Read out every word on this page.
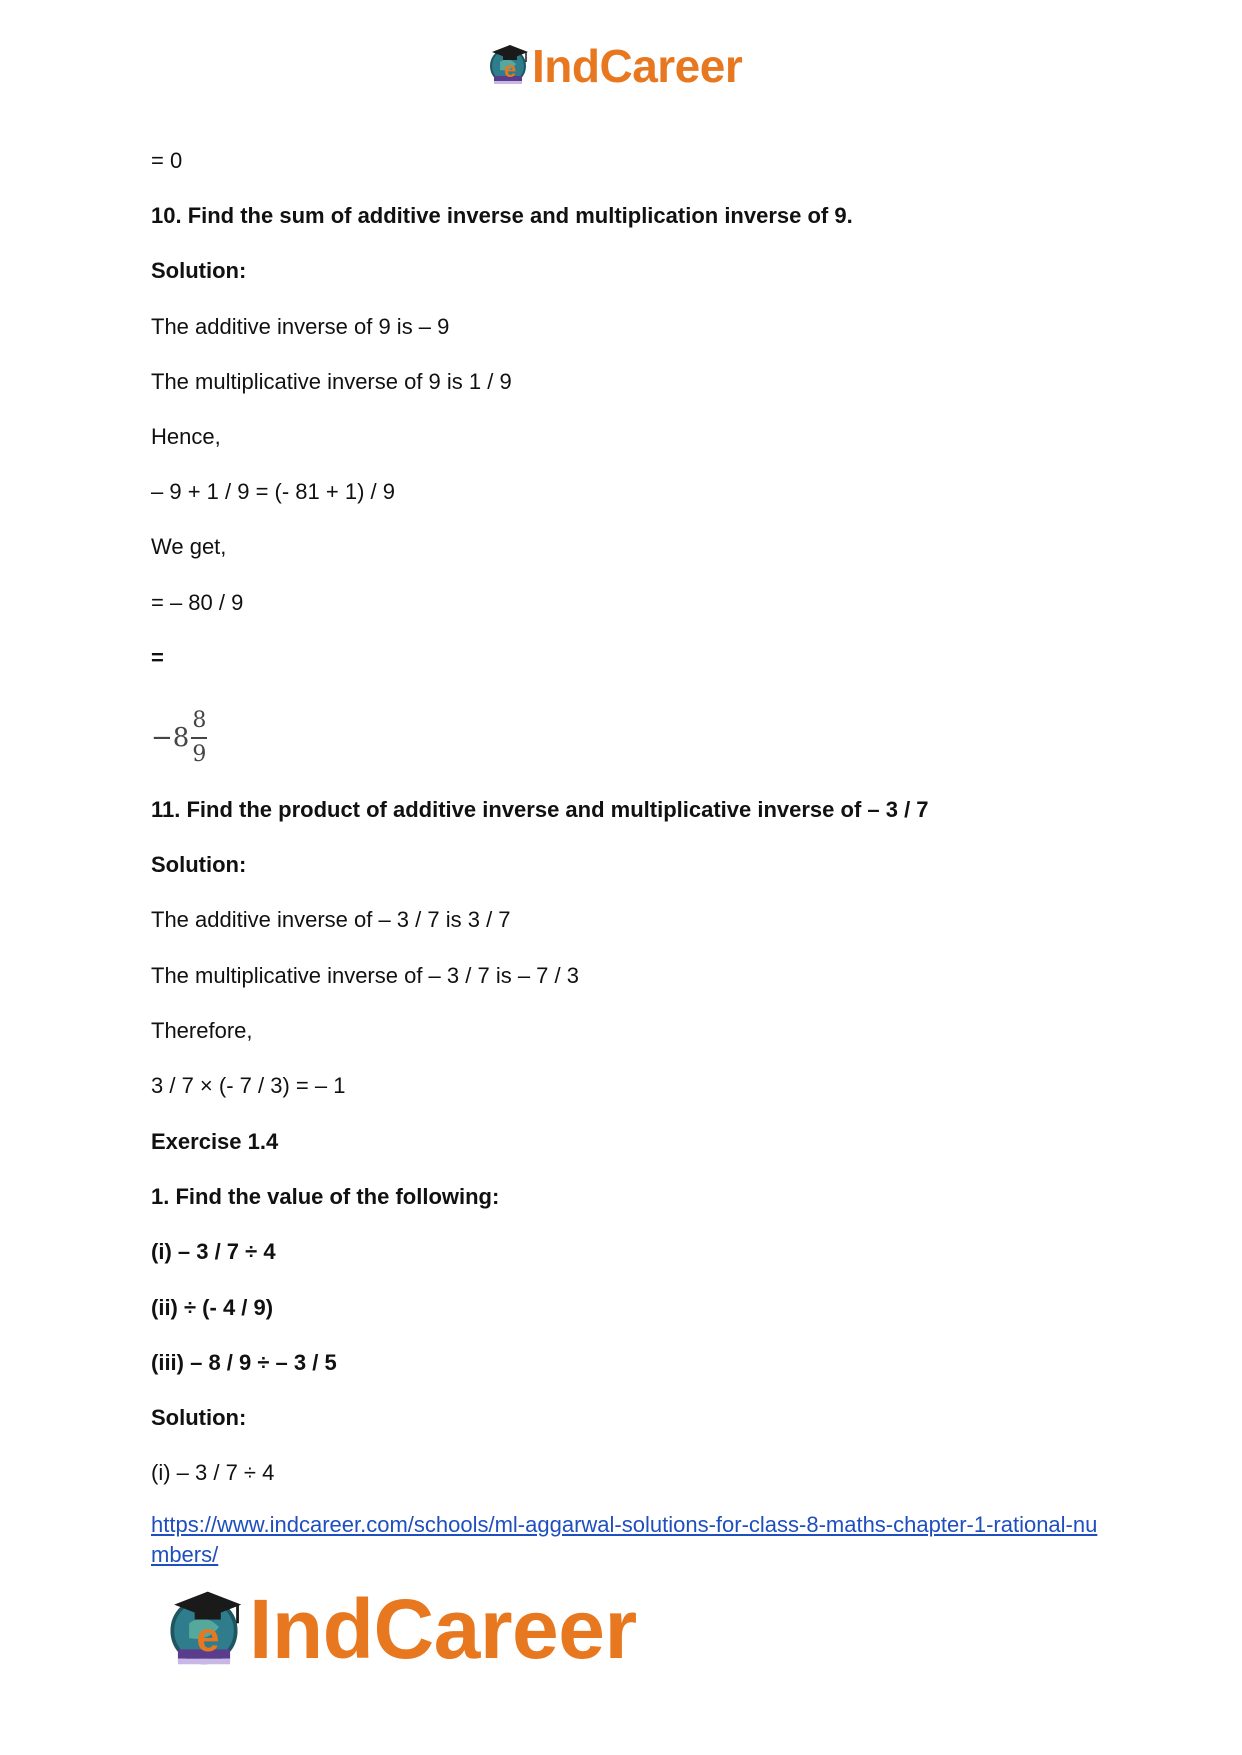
e IndCareer
= 0
10. Find the sum of additive inverse and multiplication inverse of 9.
Solution:
The additive inverse of 9 is – 9
The multiplicative inverse of 9 is 1 / 9
Hence,
– 9 + 1 / 9 = (- 81 + 1) / 9
We get,
= – 80 / 9
=
$-8 \frac{8}{9}$
11. Find the product of additive inverse and multiplicative inverse of – 3 / 7
Solution:
The additive inverse of – 3 / 7 is 3 / 7
The multiplicative inverse of – 3 / 7 is – 7 / 3
Therefore,
3 / 7 × (- 7 / 3) = – 1
Exercise 1.4
1. Find the value of the following:
(i) – 3 / 7 ÷ 4
(ii) ÷ (- 4 / 9)
(iii) – 8 / 9 ÷ – 3 / 5
Solution:
(i) – 3 / 7 ÷ 4
https://www.indcareer.com/schools/ml-aggarwal-solutions-for-class-8-maths-chapter-1-rational-numbers/
e IndCareer
